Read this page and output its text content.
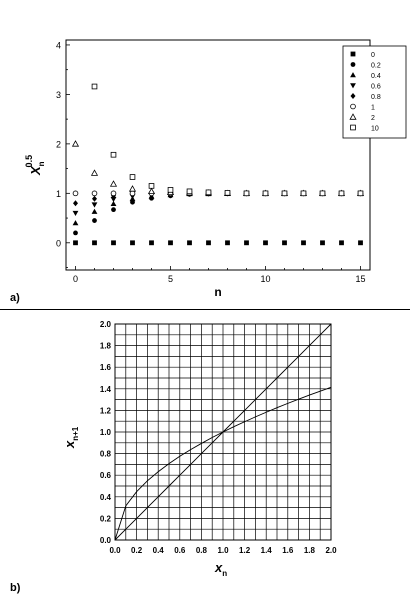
0	5	10	15
0
1
2
3
4
n
$X_n0.5$
0
0.2
0.4
0.6
0.8
1
2
10
0.0 0.2 0.4 0.6 0.8 1.0 1.2 1.4 1.6 1.8 2.0
0.0
0.2
0.4
0.6
0.8
1.0
1.2
1.4
1.6
1.8
2.0
$x_n$
$x_{n+1}$
a)
b)
